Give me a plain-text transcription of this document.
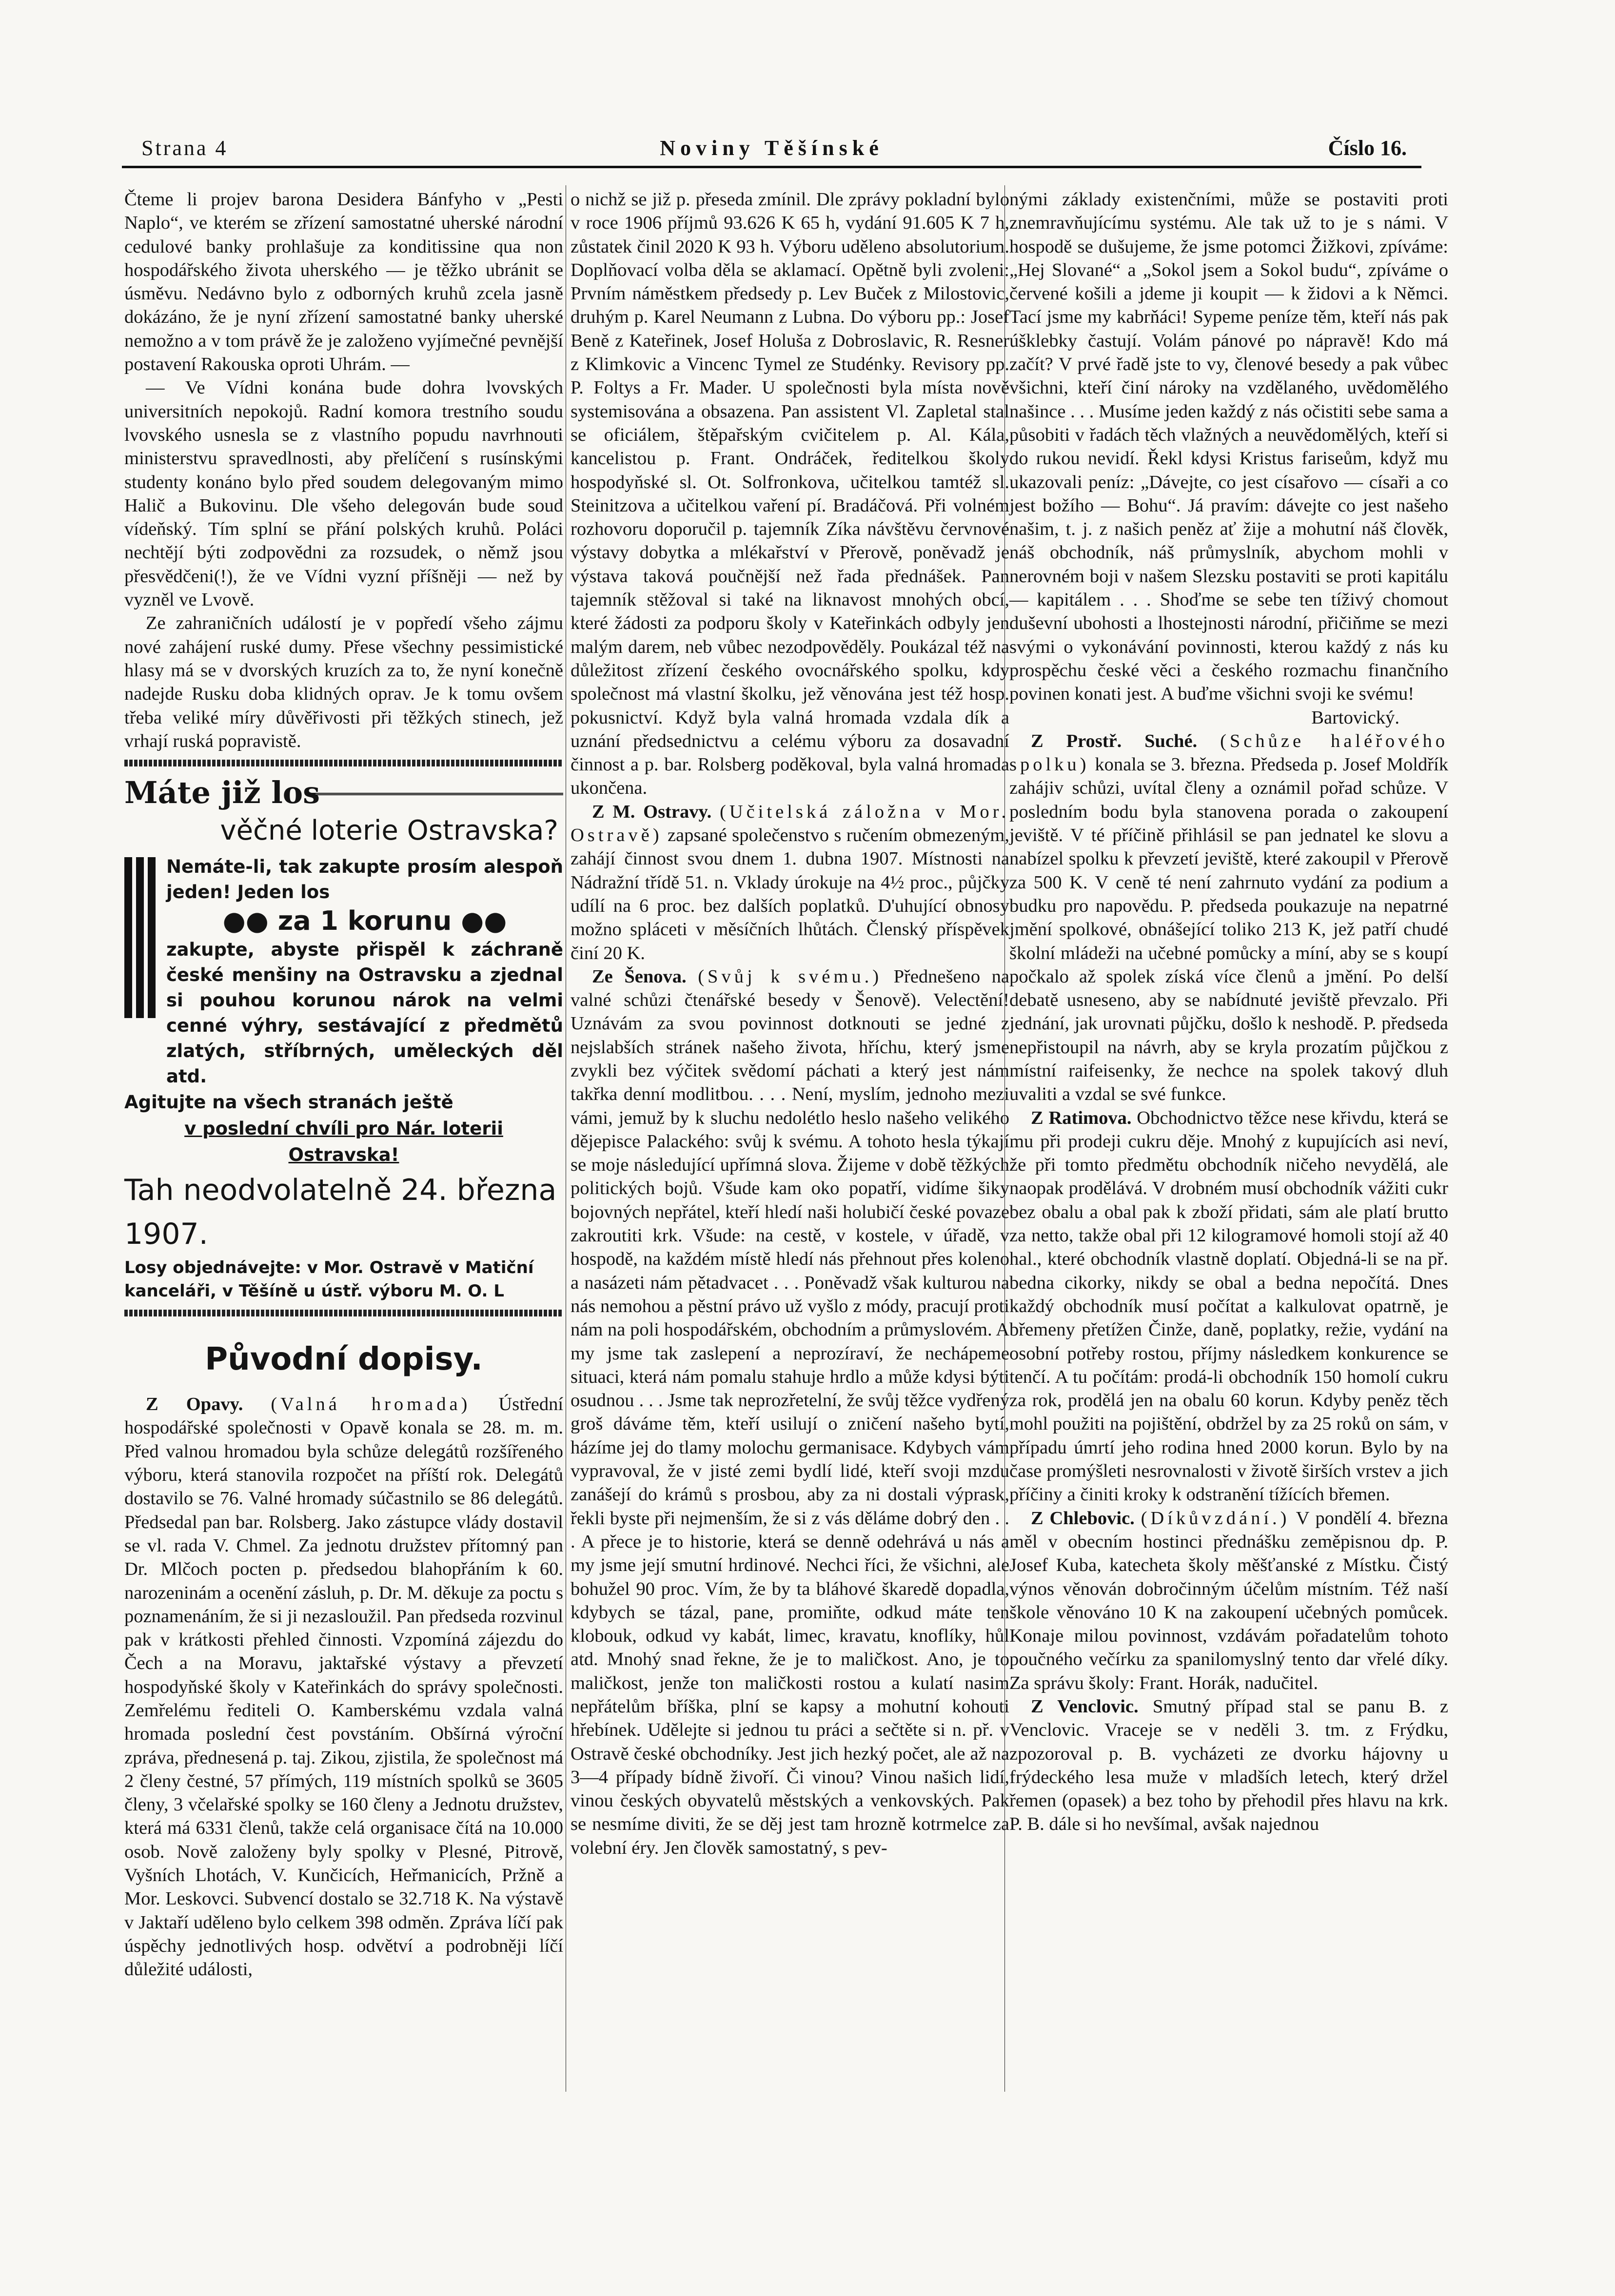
Strana 4	Noviny Těšínské	Číslo 16.

Čteme li projev barona Desidera Bánfyho v „Pesti Naplo“, ve kterém se zřízení samostatné uherské národní cedulové banky prohlašuje za konditissine qua non hospodářského života uherského — je těžko ubránit se úsměvu. Nedávno bylo z odborných kruhů zcela jasně dokázáno, že je nyní zřízení samostatné banky uherské nemožno a v tom právě že je založeno vyjímečné pevnější postavení Rakouska oproti Uhrám. —

— Ve Vídni konána bude dohra lvovských universitních nepokojů. Radní komora trestního soudu lvovského usnesla se z vlastního popudu navrhnouti ministerstvu spravedlnosti, aby přelíčení s rusínskými studenty konáno bylo před soudem delegovaným mimo Halič a Bukovinu. Dle všeho delegován bude soud vídeňský. Tím splní se přání polských kruhů. Poláci nechtějí býti zodpovědni za rozsudek, o němž jsou přesvědčeni(!), že ve Vídni vyzní příšněji — než by vyzněl ve Lvově.

Ze zahraničních událostí je v popředí všeho zájmu nové zahájení ruské dumy. Přese všechny pessimistické hlasy má se v dvorských kruzích za to, že nyní konečně nadejde Rusku doba klidných oprav. Je k tomu ovšem třeba veliké míry důvěřivosti při těžkých stinech, jež vrhají ruská popravistě.

Máte již los
věčné loterie Ostravska?
Nemáte-li, tak zakupte prosím alespoň jeden! Jeden los
●● za 1 korunu ●●
zakupte, abyste přispěl k záchraně české menšiny na Ostravsku a zjednal si pouhou korunou nárok na velmi cenné výhry, sestávající z předmětů zlatých, stříbrných, uměleckých děl atd.
Agitujte na všech stranách ještě
v poslední chvíli pro Nár. loterii
Ostravska!
Tah neodvolatelně 24. března 1907.
Losy objednávejte: v Mor. Ostravě v Matiční kanceláři, v Těšíně u ústř. výboru M. O. L
Původní dopisy.

Z Opavy. (Valná hromada) Ústřední hospodářské společnosti v Opavě konala se 28. m. m. Před valnou hromadou byla schůze delegátů rozšířeného výboru, která stanovila rozpočet na příští rok. Delegátů dostavilo se 76. Valné hromady súčastnilo se 86 delegátů. Předsedal pan bar. Rolsberg. Jako zástupce vlády dostavil se vl. rada V. Chmel. Za jednotu družstev přítomný pan Dr. Mlčoch pocten p. předsedou blahopřáním k 60. narozeninám a ocenění zásluh, p. Dr. M. děkuje za poctu s poznamenáním, že si ji nezasloužil. Pan předseda rozvinul pak v krátkosti přehled činnosti. Vzpomíná zájezdu do Čech a na Moravu, jaktařské výstavy a převzetí hospodyňské školy v Kateřinkách do správy společnosti. Zemřelému řediteli O. Kamberskému vzdala valná hromada poslední čest povstáním. Obšírná výroční zpráva, přednesená p. taj. Zikou, zjistila, že společnost má 2 členy čestné, 57 přímých, 119 místních spolků se 3605 členy, 3 včelařské spolky se 160 členy a Jednotu družstev, která má 6331 členů, takže celá organisace čítá na 10.000 osob. Nově založeny byly spolky v Plesné, Pitrově, Vyšních Lhotách, V. Kunčicích, Heřmanicích, Pržně a Mor. Leskovci. Subvencí dostalo se 32.718 K. Na výstavě v Jaktaří uděleno bylo celkem 398 odměn. Zpráva líčí pak úspěchy jednotlivých hosp. odvětví a podrobněji líčí důležité události,

o nichž se již p. přeseda zmínil. Dle zprávy pokladní bylo v roce 1906 příjmů 93.626 K 65 h, vydání 91.605 K 7 h, zůstatek činil 2020 K 93 h. Výboru uděleno absolutorium. Doplňovací volba děla se aklamací. Opětně byli zvoleni: Prvním náměstkem předsedy p. Lev Buček z Milostovic, druhým p. Karel Neumann z Lubna. Do výboru pp.: Josef Beně z Kateřinek, Josef Holuša z Dobroslavic, R. Resner z Klimkovic a Vincenc Tymel ze Studénky. Revisory pp. P. Foltys a Fr. Mader. U společnosti byla místa nově systemisována a obsazena. Pan assistent Vl. Zapletal stal se oficiálem, štěpařským cvičitelem p. Al. Kála, kancelistou p. Frant. Ondráček, ředitelkou školy hospodyňské sl. Ot. Solfronkova, učitelkou tamtéž sl. Steinitzova a učitelkou vaření pí. Bradáčová. Při volném rozhovoru doporučil p. tajemník Zíka návštěvu červnové výstavy dobytka a mlékařství v Přerově, poněvadž je výstava taková poučnější než řada přednášek. Pan tajemník stěžoval si také na liknavost mnohých obcí, které žádosti za podporu školy v Kateřinkách odbyly jen malým darem, neb vůbec nezodpověděly. Poukázal též na důležitost zřízení českého ovocnářského spolku, kdy společnost má vlastní školku, jež věnována jest též hosp. pokusnictví. Když byla valná hromada vzdala dík a uznání předsednictvu a celému výboru za dosavadní činnost a p. bar. Rolsberg poděkoval, byla valná hromada ukončena.

Z M. Ostravy. (Učitelská záložna v Mor. Ostravě) zapsané společenstvo s ručením obmezeným, zahájí činnost svou dnem 1. dubna 1907. Místnosti na Nádražní třídě 51. n. Vklady úrokuje na 4½ proc., půjčky udílí na 6 proc. bez dalších poplatků. D'uhující obnosy možno spláceti v měsíčních lhůtách. Členský příspěvek činí 20 K.

Ze Šenova. (Svůj k svému.) Přednešeno na valné schůzi čtenářské besedy v Šenově). Velectění! Uznávám za svou povinnost dotknouti se jedné z nejslabších stránek našeho života, hříchu, který jsme zvykli bez výčitek svědomí páchati a který jest nám takřka denní modlitbou. . . . Není, myslím, jednoho mezi vámi, jemuž by k sluchu nedolétlo heslo našeho velikého dějepisce Palackého: svůj k svému. A tohoto hesla týkají se moje následující upřímná slova. Žijeme v době těžkých politických bojů. Všude kam oko popatří, vidíme šiky bojovných nepřátel, kteří hledí naši holubičí české povaze zakroutiti krk. Všude: na cestě, v kostele, v úřadě, v hospodě, na každém místě hledí nás přehnout přes koleno a nasázeti nám pětadvacet . . . Poněvadž však kulturou na nás nemohou a pěstní právo už vyšlo z módy, pracují proti nám na poli hospodářském, obchodním a průmyslovém. A my jsme tak zaslepení a neprozíraví, že nechápeme situaci, která nám pomalu stahuje hrdlo a může kdysi býti osudnou . . . Jsme tak neprozřetelní, že svůj těžce vydřený groš dáváme těm, kteří usilují o zničení našeho bytí, házíme jej do tlamy molochu germanisace. Kdybych vám vypravoval, že v jisté zemi bydlí lidé, kteří svoji mzdu zanášejí do krámů s prosbou, aby za ni dostali výprask, řekli byste při nejmenším, že si z vás děláme dobrý den . . . A přece je to historie, která se denně odehrává u nás a my jsme její smutní hrdinové. Nechci říci, že všichni, ale bohužel 90 proc. Vím, že by ta bláhové škaredě dopadla, kdybych se tázal, pane, promiňte, odkud máte ten klobouk, odkud vy kabát, limec, kravatu, knoflíky, hůl atd. Mnohý snad řekne, že je to maličkost. Ano, je to maličkost, jenže ton maličkosti rostou a kulatí nasim nepřátelům bříška, plní se kapsy a mohutní kohouti hřebínek. Udělejte si jednou tu práci a sečtěte si n. př. v Ostravě české obchodníky. Jest jich hezký počet, ale až na 3—4 případy bídně živoří. Či vinou? Vinou našich lidí, vinou českých obyvatelů městských a venkovských. Pak se nesmíme diviti, že se děj jest tam hrozně kotrmelce za volební éry. Jen člověk samostatný, s pev-

nými základy existenčními, může se postaviti proti znemravňujícímu systému. Ale tak už to je s námi. V hospodě se dušujeme, že jsme potomci Žižkovi, zpíváme: „Hej Slované“ a „Sokol jsem a Sokol budu“, zpíváme o červené košili a jdeme ji koupit — k židovi a k Němci. Tací jsme my kabrňáci! Sypeme peníze těm, kteří nás pak úšklebky častují. Volám pánové po nápravě! Kdo má začít? V prvé řadě jste to vy, členové besedy a pak vůbec všichni, kteří činí nároky na vzdělaného, uvědomělého našince . . . Musíme jeden každý z nás očistiti sebe sama a působiti v řadách těch vlažných a neuvědomělých, kteří si do rukou nevidí. Řekl kdysi Kristus fariseům, když mu ukazovali peníz: „Dávejte, co jest císařovo — císaři a co jest božího — Bohu“. Já pravím: dávejte co jest našeho našim, t. j. z našich peněz ať žije a mohutní náš člověk, náš obchodník, náš průmyslník, abychom mohli v nerovném boji v našem Slezsku postaviti se proti kapitálu — kapitálem . . . Shoďme se sebe ten tíživý chomout duševní ubohosti a lhostejnosti národní, přičiňme se mezi svými o vykonávání povinnosti, kterou každý z nás ku prospěchu české věci a českého rozmachu finančního povinen konati jest. A buďme všichni svoji ke svému!

Bartovický.

Z Prostř. Suché. (Schůze haléřového spolku) konala se 3. března. Předseda p. Josef Moldřík zahájiv schůzi, uvítal členy a oznámil pořad schůze. V posledním bodu byla stanovena porada o zakoupení jeviště. V té příčině přihlásil se pan jednatel ke slovu a nabízel spolku k převzetí jeviště, které zakoupil v Přerově za 500 K. V ceně té není zahrnuto vydání za podium a budku pro napovědu. P. předseda poukazuje na nepatrné jmění spolkové, obnášející toliko 213 K, jež patří chudé školní mládeži na učebné pomůcky a míní, aby se s koupí počkalo až spolek získá více členů a jmění. Po delší debatě usneseno, aby se nabídnuté jeviště převzalo. Při jednání, jak urovnati půjčku, došlo k neshodě. P. předseda nepřistoupil na návrh, aby se kryla prozatím půjčkou z místní raifeisenky, že nechce na spolek takový dluh uvaliti a vzdal se své funkce.

Z Ratimova. Obchodnictvo těžce nese křivdu, která se mu při prodeji cukru děje. Mnohý z kupujících asi neví, že při tomto předmětu obchodník ničeho nevydělá, ale naopak prodělává. V drobném musí obchodník vážiti cukr bez obalu a obal pak k zboží přidati, sám ale platí brutto za netto, takže obal při 12 kilogramové homoli stojí až 40 hal., které obchodník vlastně doplatí. Objedná-li se na př. bedna cikorky, nikdy se obal a bedna nepočítá. Dnes každý obchodník musí počítat a kalkulovat opatrně, je břemeny přetížen Činže, daně, poplatky, režie, vydání na osobní potřeby rostou, příjmy následkem konkurence se tenčí. A tu počítám: prodá-li obchodník 150 homolí cukru za rok, prodělá jen na obalu 60 korun. Kdyby peněz těch mohl použiti na pojištění, obdržel by za 25 roků on sám, v případu úmrtí jeho rodina hned 2000 korun. Bylo by na čase promýšleti nesrovnalosti v životě širších vrstev a jich příčiny a činiti kroky k odstranění tížících břemen.

Z Chlebovic. (Díkůvzdání.) V pondělí 4. března měl v obecním hostinci přednášku zeměpisnou dp. P. Josef Kuba, katecheta školy měšťanské z Místku. Čistý výnos věnován dobročinným účelům místním. Též naší škole věnováno 10 K na zakoupení učebných pomůcek. Konaje milou povinnost, vzdávám pořadatelům tohoto poučného večírku za spanilomyslný tento dar vřelé díky. Za správu školy: Frant. Horák, nadučitel.

Z Venclovic. Smutný případ stal se panu B. z Venclovic. Vraceje se v neděli 3. tm. z Frýdku, zpozoroval p. B. vycházeti ze dvorku hájovny u frýdeckého lesa muže v mladších letech, který držel řemen (opasek) a bez toho by přehodil přes hlavu na krk. P. B. dále si ho nevšímal, avšak najednou
